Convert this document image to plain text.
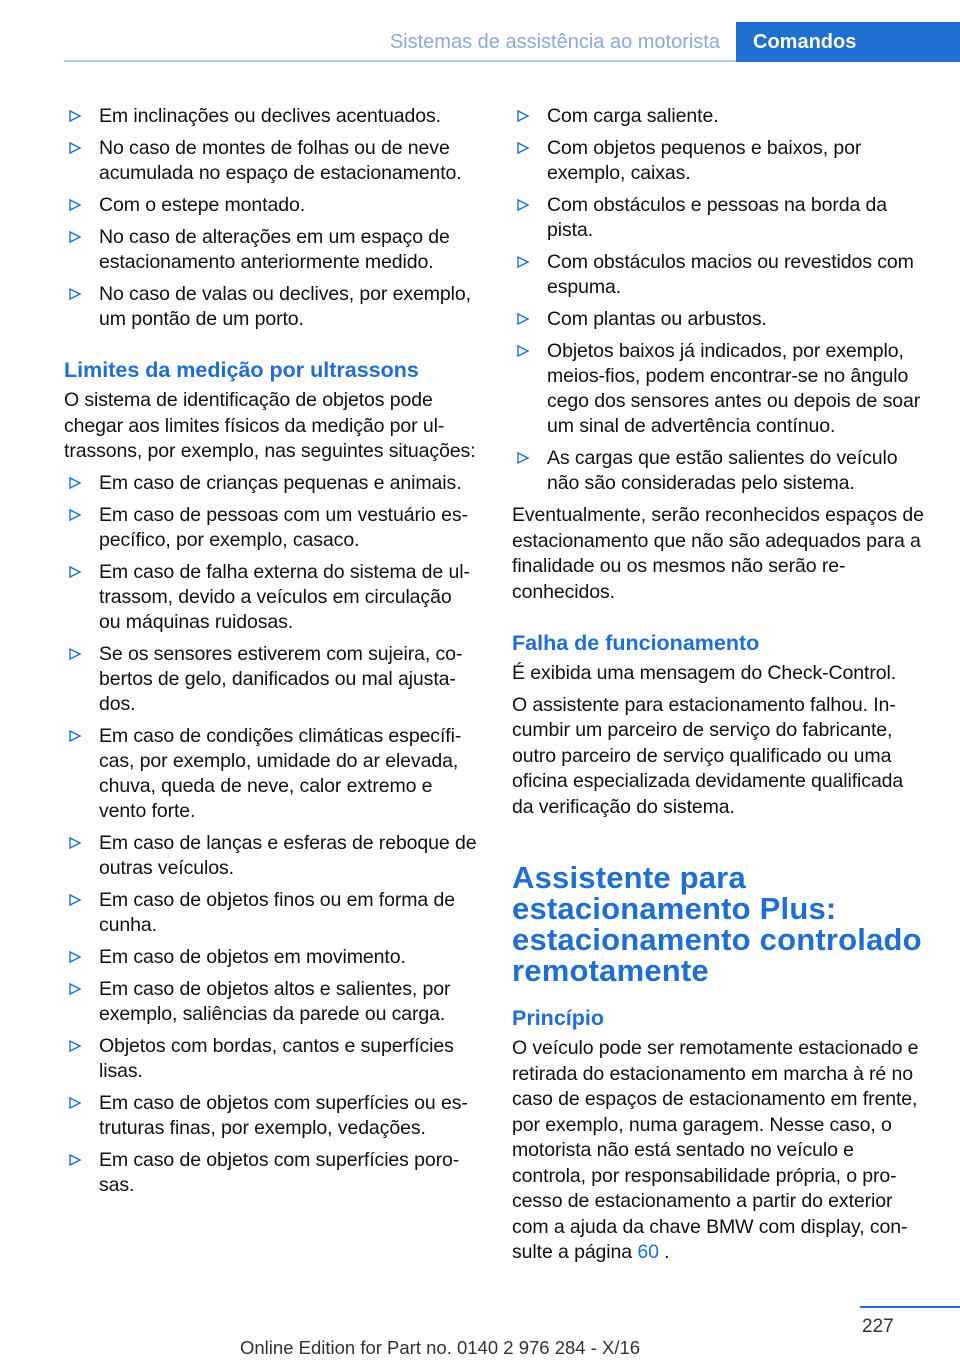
Sistemas de assistência ao motorista	Comandos
Em inclinações ou declives acentuados.
No caso de montes de folhas ou de neve acumulada no espaço de estacionamento.
Com o estepe montado.
No caso de alterações em um espaço de estacionamento anteriormente medido.
No caso de valas ou declives, por exemplo, um pontão de um porto.
Limites da medição por ultrassons

O sistema de identificação de objetos pode chegar aos limites físicos da medição por ultrassons, por exemplo, nas seguintes situações:

Em caso de crianças pequenas e animais.
Em caso de pessoas com um vestuário específico, por exemplo, casaco.
Em caso de falha externa do sistema de ultrassom, devido a veículos em circulação ou máquinas ruidosas.
Se os sensores estiverem com sujeira, cobertos de gelo, danificados ou mal ajustados.
Em caso de condições climáticas específicas, por exemplo, umidade do ar elevada, chuva, queda de neve, calor extremo e vento forte.
Em caso de lanças e esferas de reboque de outras veículos.
Em caso de objetos finos ou em forma de cunha.
Em caso de objetos em movimento.
Em caso de objetos altos e salientes, por exemplo, saliências da parede ou carga.
Objetos com bordas, cantos e superfícies lisas.
Em caso de objetos com superfícies ou estruturas finas, por exemplo, vedações.
Em caso de objetos com superfícies porosas.
Com carga saliente.
Com objetos pequenos e baixos, por exemplo, caixas.
Com obstáculos e pessoas na borda da pista.
Com obstáculos macios ou revestidos com espuma.
Com plantas ou arbustos.
Objetos baixos já indicados, por exemplo, meios-fios, podem encontrar-se no ângulo cego dos sensores antes ou depois de soar um sinal de advertência contínuo.
As cargas que estão salientes do veículo não são consideradas pelo sistema.

Eventualmente, serão reconhecidos espaços de estacionamento que não são adequados para a finalidade ou os mesmos não serão reconhecidos.

Falha de funcionamento

É exibida uma mensagem do Check-Control.

O assistente para estacionamento falhou. Incumbir um parceiro de serviço do fabricante, outro parceiro de serviço qualificado ou uma oficina especializada devidamente qualificada da verificação do sistema.

Assistente para estacionamento Plus: estacionamento controlado remotamente
Princípio

O veículo pode ser remotamente estacionado e retirada do estacionamento em marcha à ré no caso de espaços de estacionamento em frente, por exemplo, numa garagem. Nesse caso, o motorista não está sentado no veículo e controla, por responsabilidade própria, o processo de estacionamento a partir do exterior com a ajuda da chave BMW com display, consulte a página 60 .

227
Online Edition for Part no. 0140 2 976 284 - X/16
